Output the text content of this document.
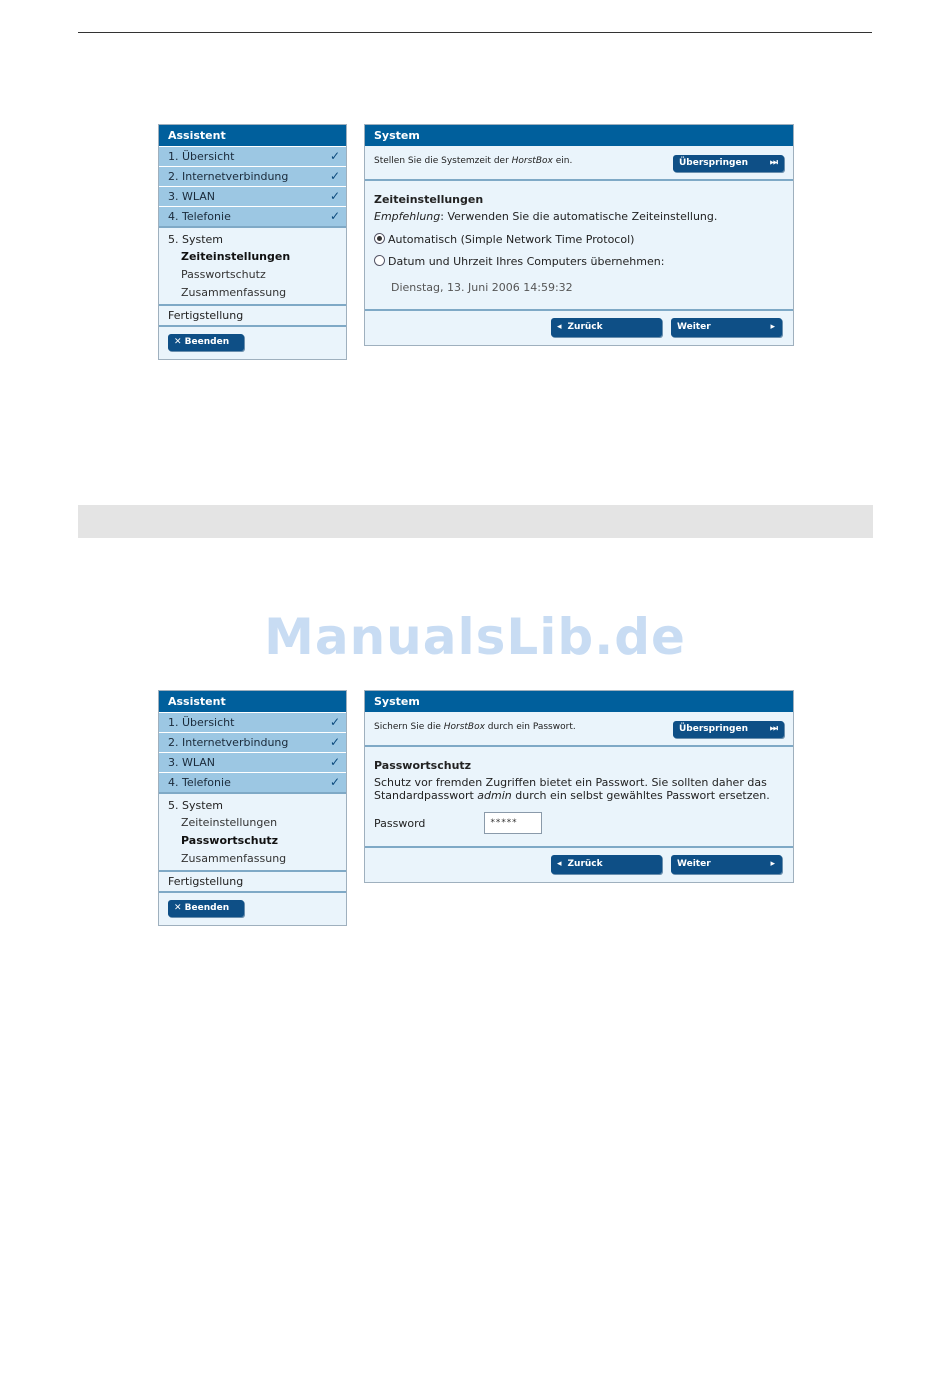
Assistent
1. Übersicht	✓
2. Internetverbindung	✓
3. WLAN	✓
4. Telefonie	✓
5. System
Zeiteinstellungen
Passwortschutz
Zusammenfassung
Fertigstellung
✕ Beenden
System
Stellen Sie die Systemzeit der HorstBox ein.	Überspringen ⏭
Zeiteinstellungen
Empfehlung: Verwenden Sie die automatische Zeiteinstellung.
Automatisch (Simple Network Time Protocol)
Datum und Uhrzeit Ihres Computers übernehmen:
Dienstag, 13. Juni 2006 14:59:32
◂ Zurück	Weiter	▸
ManualsLib.de
Assistent
1. Übersicht	✓
2. Internetverbindung	✓
3. WLAN	✓
4. Telefonie	✓
5. System
Zeiteinstellungen
Passwortschutz
Zusammenfassung
Fertigstellung
✕ Beenden
System
Sichern Sie die HorstBox durch ein Passwort.	Überspringen ⏭
Passwortschutz
Schutz vor fremden Zugriffen bietet ein Passwort. Sie sollten daher das
Standardpasswort admin durch ein selbst gewähltes Passwort ersetzen.
Password
*****
◂ Zurück	Weiter	▸
